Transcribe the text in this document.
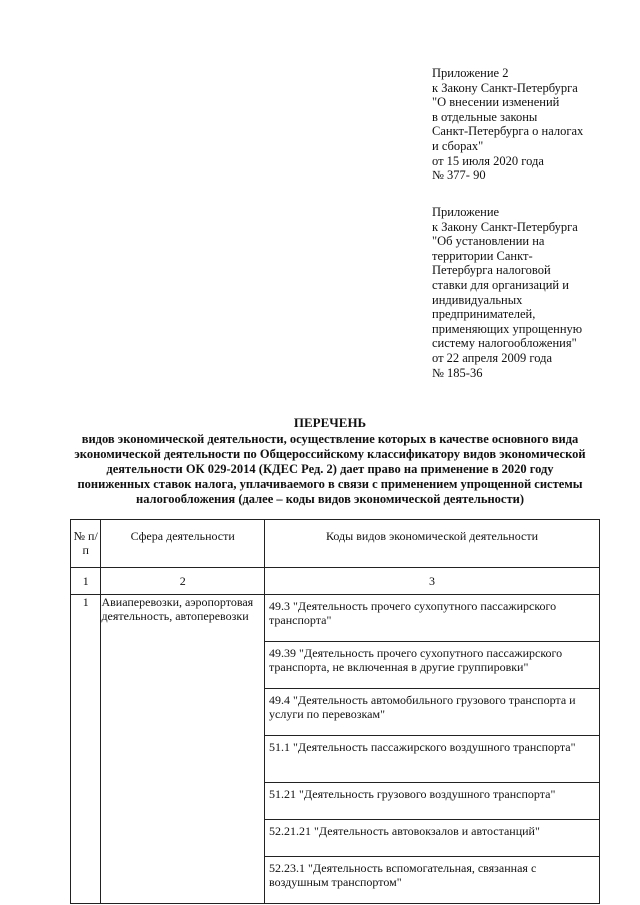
Приложение 2
к Закону Санкт-Петербурга
"О внесении изменений
в отдельные законы
Санкт-Петербурга о налогах
и сборах"
от 15 июля 2020 года
№ 377- 90
Приложение
к Закону Санкт-Петербурга
"Об установлении на
территории Санкт-
Петербурга налоговой
ставки для организаций и
индивидуальных
предпринимателей,
применяющих упрощенную
систему налогообложения"
от 22 апреля 2009 года
№ 185-36
ПЕРЕЧЕНЬ
видов экономической деятельности, осуществление которых в качестве основного вида
экономической деятельности по Общероссийскому классификатору видов экономической
деятельности ОК 029-2014 (КДЕС Ред. 2) дает право на применение в 2020 году
пониженных ставок налога, уплачиваемого в связи с применением упрощенной системы
налогообложения (далее – коды видов экономической деятельности)
№ п/п	Сфера деятельности	Коды видов экономической деятельности

1	2	3
1	Авиаперевозки, аэропортовая деятельность, автоперевозки	49.3 "Деятельность прочего сухопутного пассажирского транспорта"
		49.39 "Деятельность прочего сухопутного пассажирского транспорта, не включенная в другие группировки"
		49.4 "Деятельность автомобильного грузового транспорта и услуги по перевозкам"
		51.1 "Деятельность пассажирского воздушного транспорта"
		51.21 "Деятельность грузового воздушного транспорта"
		52.21.21 "Деятельность автовокзалов и автостанций"
		52.23.1 "Деятельность вспомогательная, связанная с воздушным транспортом"
